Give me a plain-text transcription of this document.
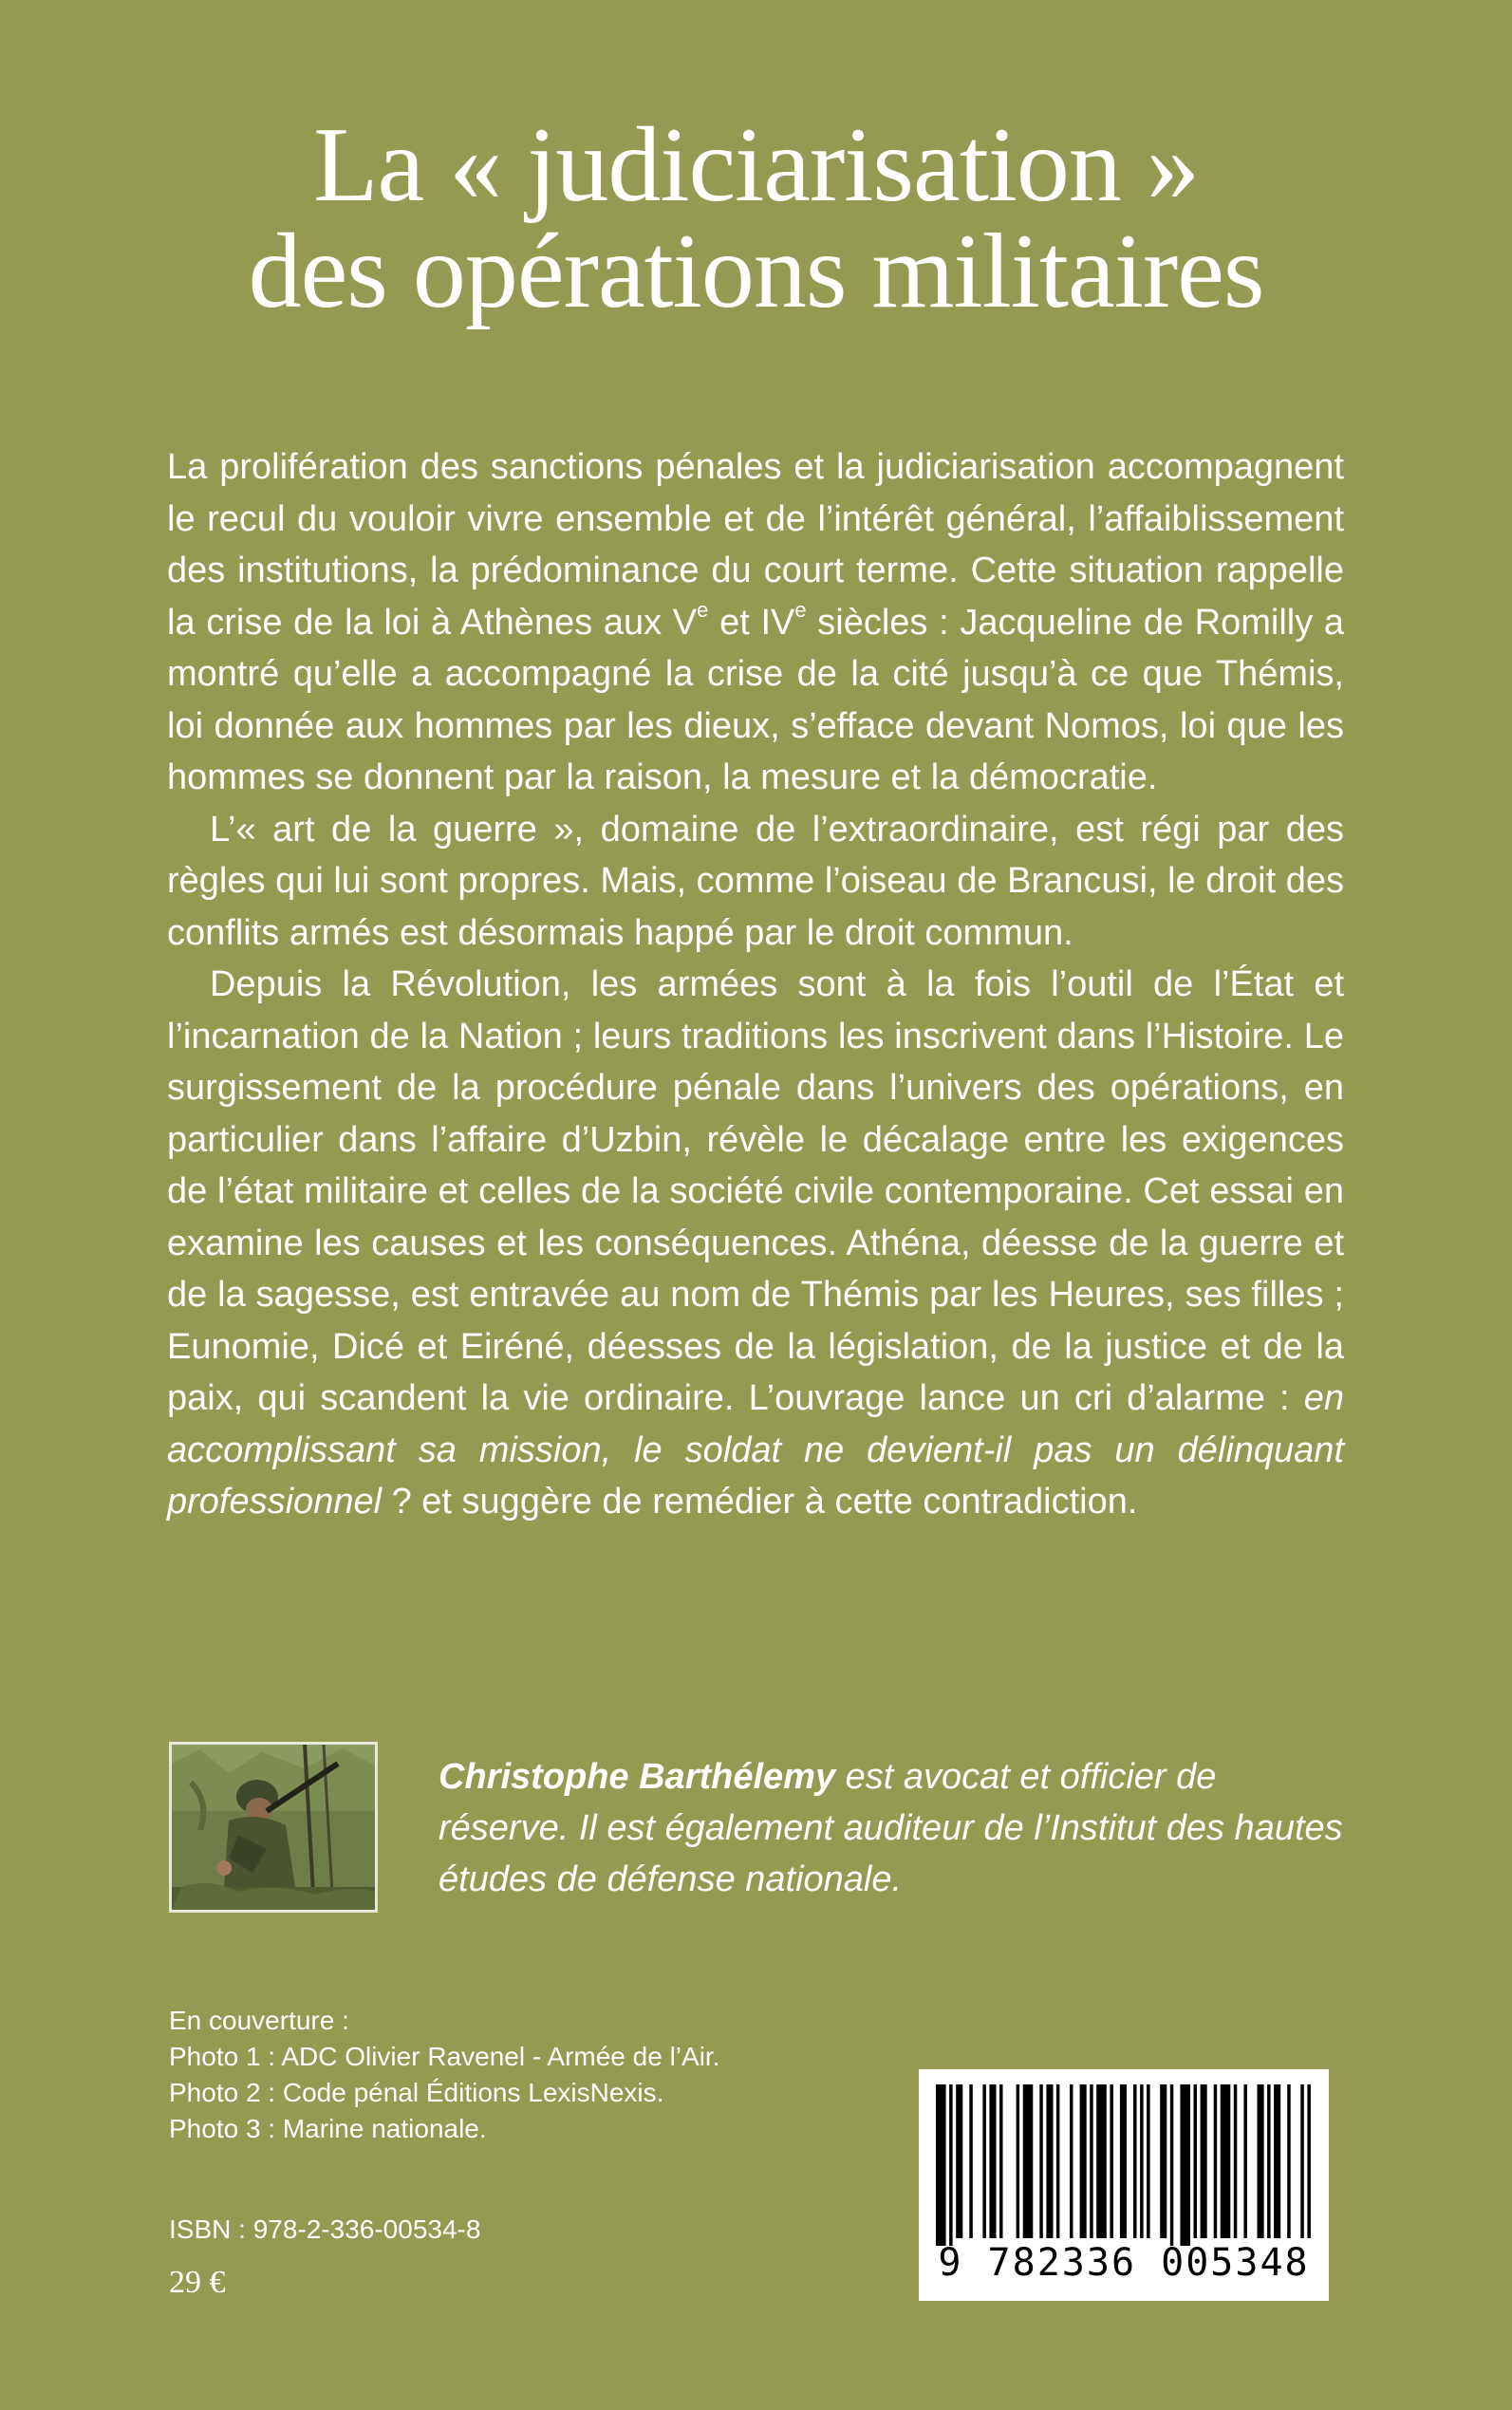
La « judiciarisation »
des opérations militaires

La prolifération des sanctions pénales et la judiciarisation accompagnent le recul du vouloir vivre ensemble et de l’intérêt général, l’affaiblissement des institutions, la prédominance du court terme. Cette situation rappelle la crise de la loi à Athènes aux Ve et IVe siècles : Jacqueline de Romilly a montré qu’elle a accompagné la crise de la cité jusqu’à ce que Thémis, loi donnée aux hommes par les dieux, s’efface devant Nomos, loi que les hommes se donnent par la raison, la mesure et la démocratie.

L’« art de la guerre », domaine de l’extraordinaire, est régi par des règles qui lui sont propres. Mais, comme l’oiseau de Brancusi, le droit des conflits armés est désormais happé par le droit commun.

Depuis la Révolution, les armées sont à la fois l’outil de l’État et l’incarnation de la Nation ; leurs traditions les inscrivent dans l’Histoire. Le surgissement de la procédure pénale dans l’univers des opérations, en particulier dans l’affaire d’Uzbin, révèle le décalage entre les exigences de l’état militaire et celles de la société civile contemporaine. Cet essai en examine les causes et les conséquences. Athéna, déesse de la guerre et de la sagesse, est entravée au nom de Thémis par les Heures, ses filles ; Eunomie, Dicé et Eiréné, déesses de la législation, de la justice et de la paix, qui scandent la vie ordinaire. L’ouvrage lance un cri d’alarme : en accomplissant sa mission, le soldat ne devient-il pas un délinquant professionnel ? et suggère de remédier à cette contradiction.

Christophe Barthélemy est avocat et officier de réserve. Il est également auditeur de l’Institut des hautes études de défense nationale.
En couverture :
Photo 1 : ADC Olivier Ravenel - Armée de l’Air.
Photo 2 : Code pénal Éditions LexisNexis.
Photo 3 : Marine nationale.
ISBN : 978-2-336-00534-8
29 €	9 782336 005348
